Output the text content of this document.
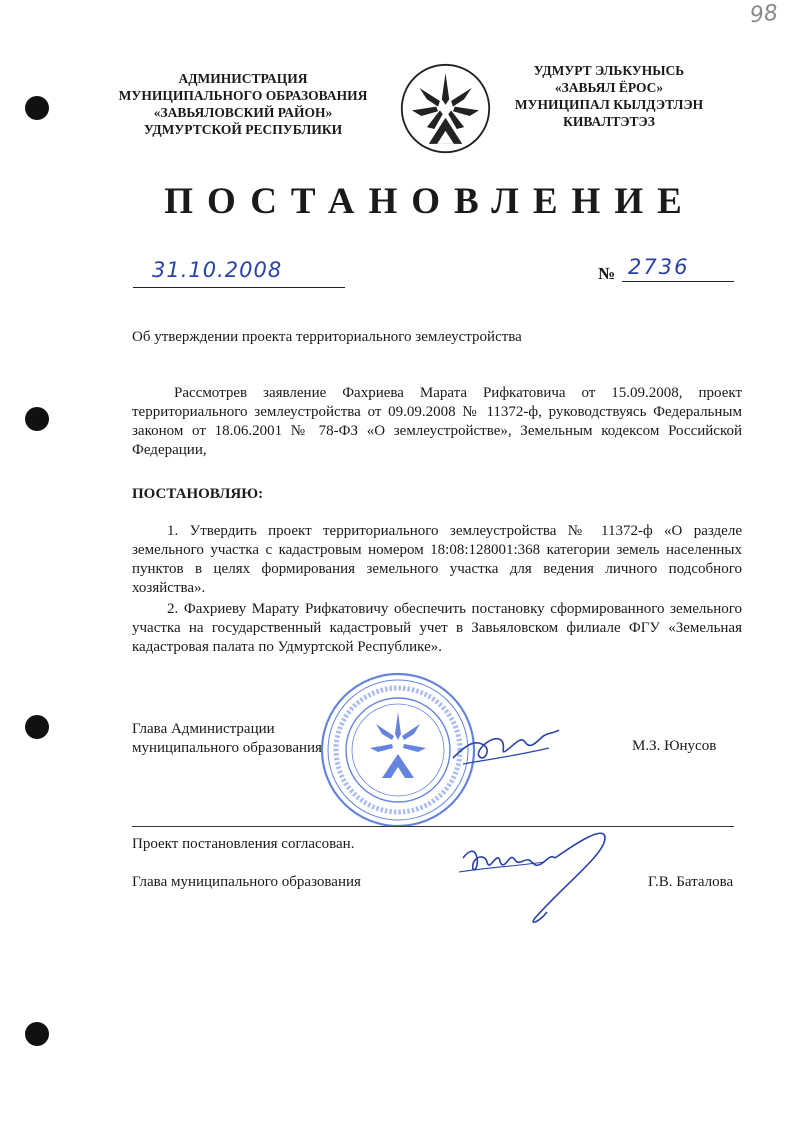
98
АДМИНИСТРАЦИЯ
МУНИЦИПАЛЬНОГО ОБРАЗОВАНИЯ
«ЗАВЬЯЛОВСКИЙ РАЙОН»
УДМУРТСКОЙ РЕСПУБЛИКИ
УДМУРТ ЭЛЬКУНЫСЬ
«ЗАВЬЯЛ ЁРОС»
МУНИЦИПАЛ КЫЛДЭТЛЭН
КИВАЛТЭТЭЗ
ПОСТАНОВЛЕНИЕ
31.10.2008	№ 2736
Об утверждении проекта территориального землеустройства
Рассмотрев заявление Фахриева Марата Рифкатовича от 15.09.2008, проект территориального землеустройства от 09.09.2008 № 11372-ф, руководствуясь Федеральным законом от 18.06.2001 № 78-ФЗ «О землеустройстве», Земельным кодексом Российской Федерации,
ПОСТАНОВЛЯЮ:
1. Утвердить проект территориального землеустройства № 11372-ф «О разделе земельного участка с кадастровым номером 18:08:128001:368 категории земель населенных пунктов в целях формирования земельного участка для ведения личного подсобного хозяйства».
2. Фахриеву Марату Рифкатовичу обеспечить постановку сформированного земельного участка на государственный кадастровый учет в Завьяловском филиале ФГУ «Земельная кадастровая палата по Удмуртской Республике».
Глава Администрации
муниципального образования	М.З. Юнусов
Проект постановления согласован.
Глава муниципального образования	Г.В. Баталова
